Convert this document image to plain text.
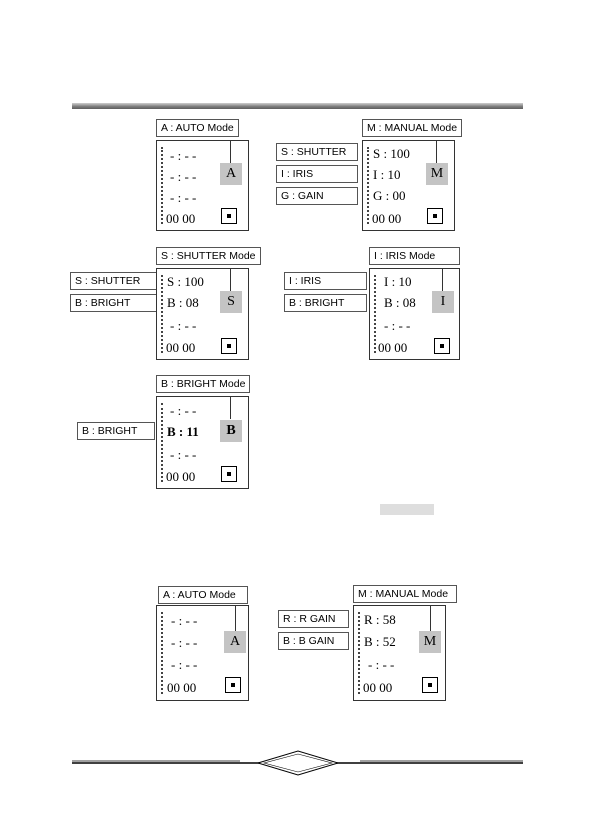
A : AUTO Mode
- : - -
- : - -
- : - -
00 00
A
M : MANUAL Mode
S : SHUTTER
I : IRIS
G : GAIN
S : 100
I : 10
G : 00
00 00
M
S : SHUTTER Mode
S : SHUTTER
B : BRIGHT
S : 100
B : 08
- : - -
00 00
S
I : IRIS Mode
I : IRIS
B : BRIGHT
I : 10
B : 08
- : - -
00 00
I
B : BRIGHT Mode
B : BRIGHT
- : - -
B : 11
- : - -
00 00
B
A : AUTO Mode
- : - -
- : - -
- : - -
00 00
A
M : MANUAL Mode
R : R GAIN
B : B GAIN
R : 58
B : 52
- : - -
00 00
M
